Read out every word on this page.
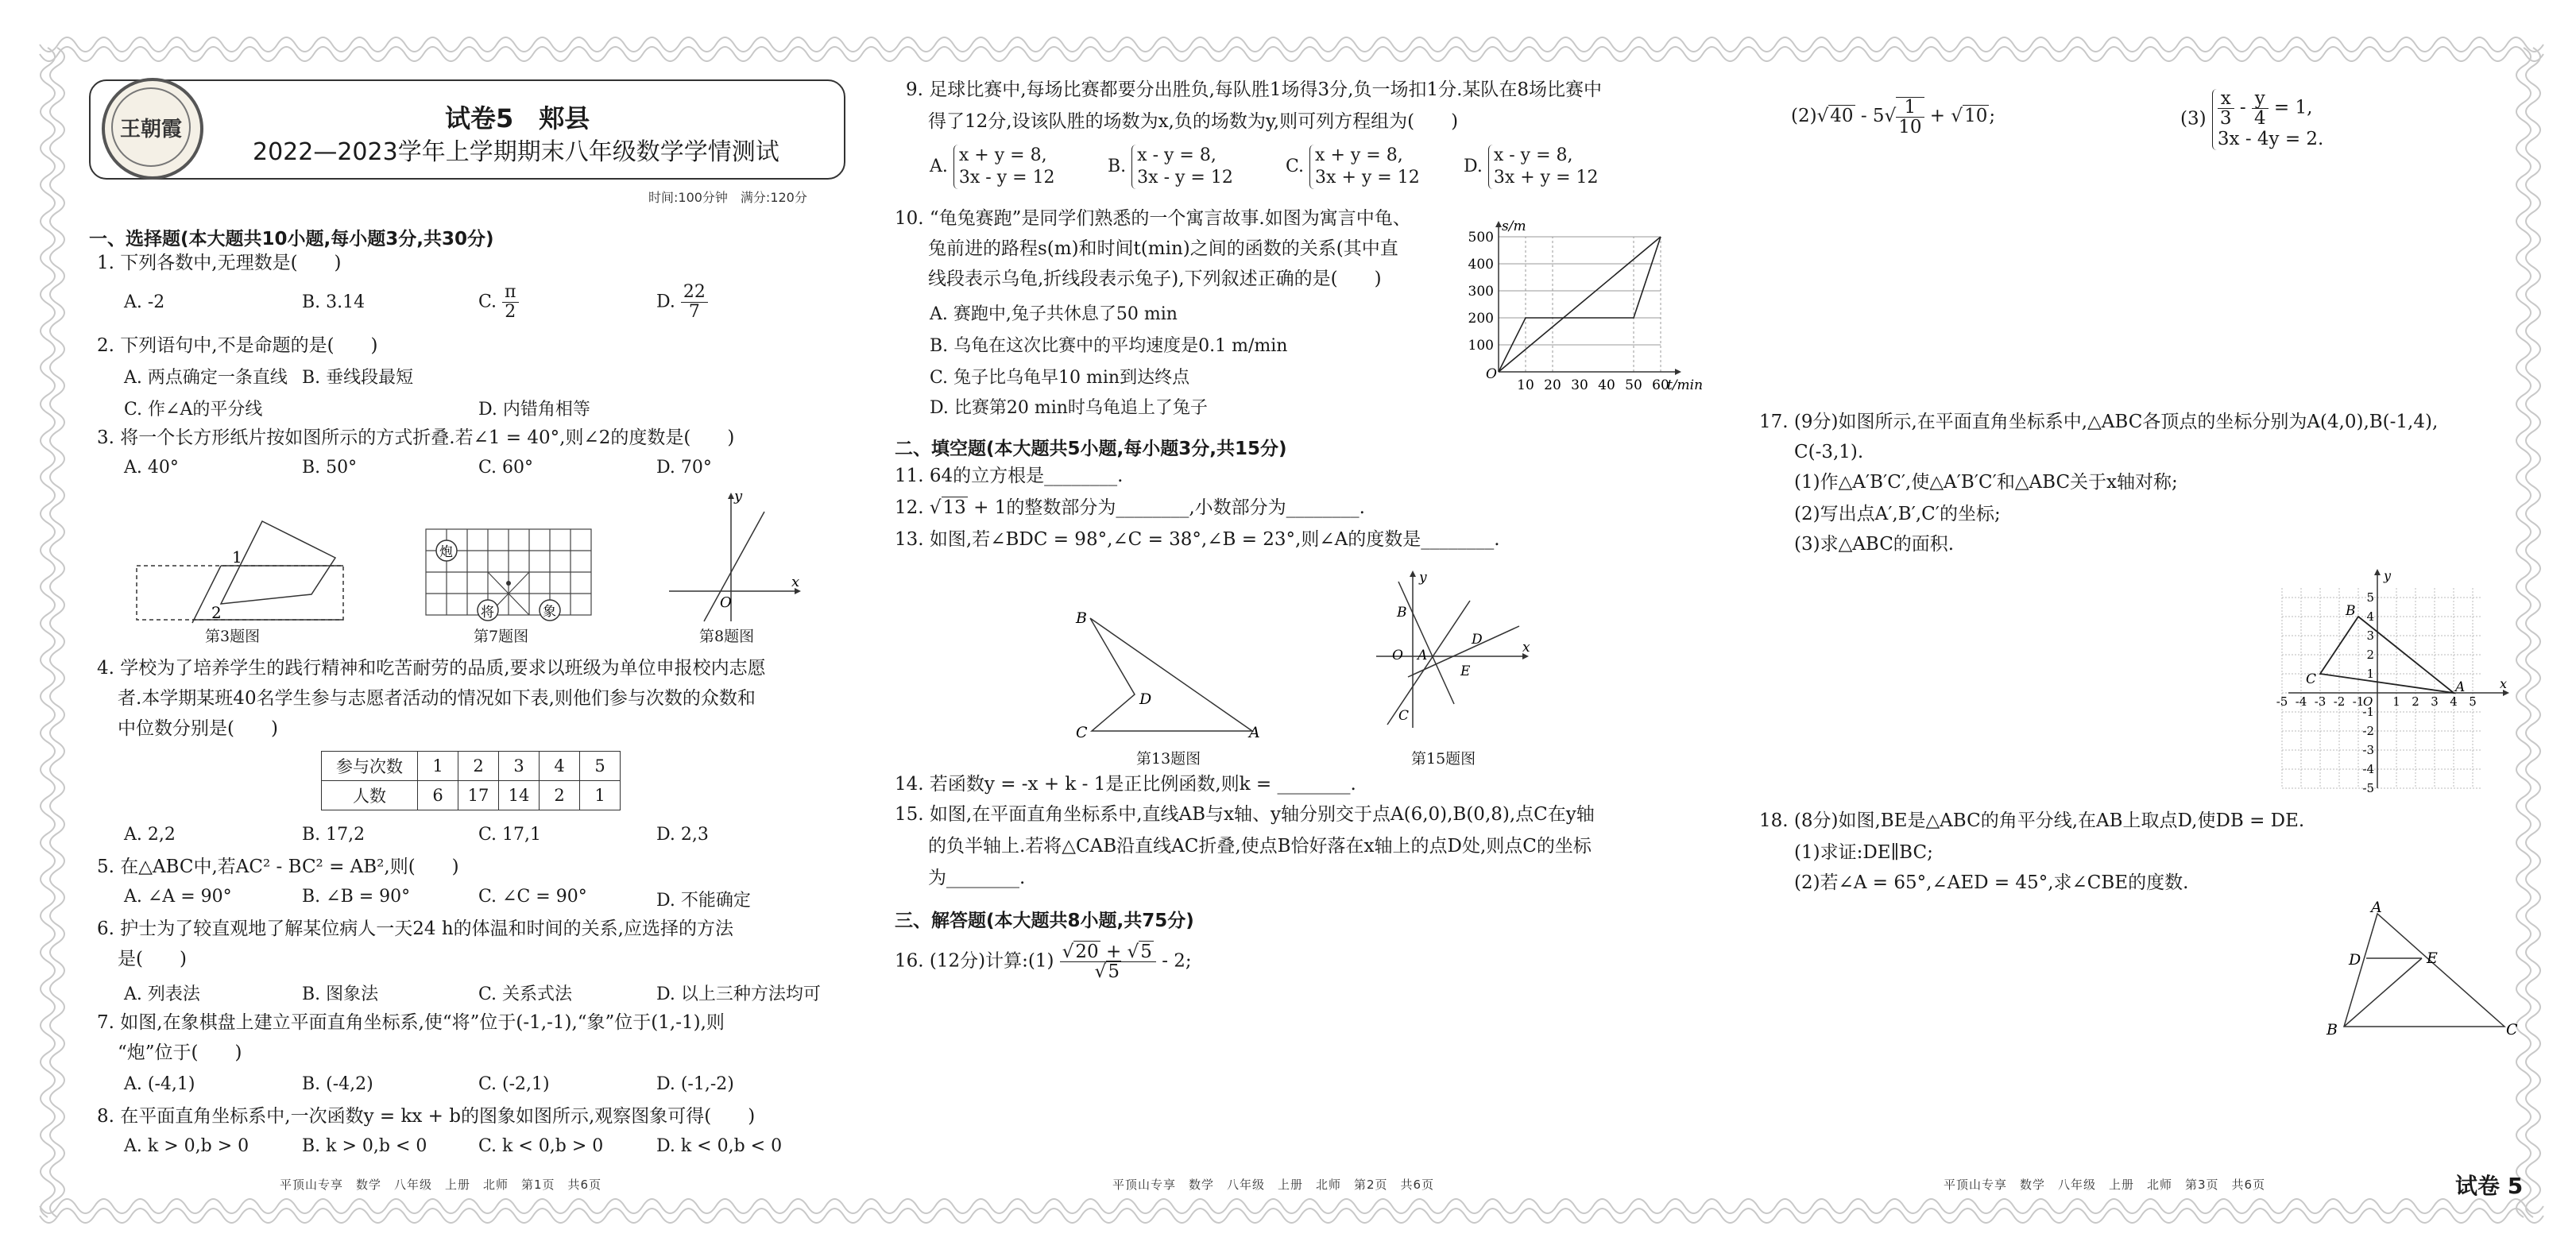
王朝霞	试卷5　郏县
2022—2023学年上学期期末八年级数学学情测试
时间:100分钟　满分:120分
一、选择题(本大题共10小题,每小题3分,共30分)
1. 下列各数中,无理数是(　　)
A. -2	B. 3.14	C. $\frac{\pi}{2}$	D. $\frac{22}{7}$
2. 下列语句中,不是命题的是(　　)
A. 两点确定一条直线 B. 垂线段最短
C. 作∠A的平分线	D. 内错角相等
3. 将一个长方形纸片按如图所示的方式折叠.若∠1 = 40°,则∠2的度数是(　　)
A. 40°	B. 50°	C. 60°	D. 70°
1
2
第3题图
炮
将	象
第7题图
y
x
O
第8题图
4. 学校为了培养学生的践行精神和吃苦耐劳的品质,要求以班级为单位申报校内志愿
者.本学期某班40名学生参与志愿者活动的情况如下表,则他们参与次数的众数和
中位数分别是(　　)
参与次数	1	2	3	4	5
人数	6	17	14	2	1
A. 2,2	B. 17,2	C. 17,1	D. 2,3
5. 在△ABC中,若AC² - BC² = AB²,则(　　)
A. ∠A = 90°	B. ∠B = 90°	C. ∠C = 90°	D. 不能确定
6. 护士为了较直观地了解某位病人一天24 h的体温和时间的关系,应选择的方法
是(　　)
A. 列表法	B. 图象法	C. 关系式法	D. 以上三种方法均可
7. 如图,在象棋盘上建立平面直角坐标系,使“将”位于(-1,-1),“象”位于(1,-1),则
“炮”位于(　　)
A. (-4,1)	B. (-4,2)	C. (-2,1)	D. (-1,-2)
8. 在平面直角坐标系中,一次函数y = kx + b的图象如图所示,观察图象可得(　　)
A. k > 0,b > 0	B. k > 0,b < 0	C. k < 0,b > 0	D. k < 0,b < 0
平顶山专享　数学　八年级　上册　北师　第1页　共6页
9. 足球比赛中,每场比赛都要分出胜负,每队胜1场得3分,负一场扣1分.某队在8场比赛中
得了12分,设该队胜的场数为x,负的场数为y,则可列方程组为(　　)
A.
x + y = 8,
3x - y = 12
B.
x - y = 8,
3x - y = 12
C.
x + y = 8,
3x + y = 12
D.
x - y = 8,
3x + y = 12
10. “龟兔赛跑”是同学们熟悉的一个寓言故事.如图为寓言中龟、
兔前进的路程s(m)和时间t(min)之间的函数的关系(其中直
线段表示乌龟,折线段表示兔子),下列叙述正确的是(　　)
A. 赛跑中,兔子共休息了50 min
B. 乌龟在这次比赛中的平均速度是0.1 m/min
C. 兔子比乌龟早10 min到达终点
D. 比赛第20 min时乌龟追上了兔子
s/m
t/min
O
500
400
300
200
100
10 20 30 40 50 60
二、填空题(本大题共5小题,每小题3分,共15分)
11. 64的立方根是________.
12. √13 + 1的整数部分为________,小数部分为________.
13. 如图,若∠BDC = 98°,∠C = 38°,∠B = 23°,则∠A的度数是________.
B
D
C	A
第13题图
y
x
B
O A
D
E
C
第15题图
14. 若函数y = -x + k - 1是正比例函数,则k = ________.
15. 如图,在平面直角坐标系中,直线AB与x轴、y轴分别交于点A(6,0),B(0,8),点C在y轴
的负半轴上.若将△CAB沿直线AC折叠,使点B恰好落在x轴上的点D处,则点C的坐标
为________.
三、解答题(本大题共8小题,共75分)
16. (12分)计算:(1) $\frac{√20 + √5}{√5} - 2$;
平顶山专享　数学　八年级　上册　北师　第2页　共6页
$(2)√40 - 5√ \frac{1}{10} + √10$;	$(3) \frac{x}{3} - \frac{y}{4} = 1$,
3x - 4y = 2.
17. (9分)如图所示,在平面直角坐标系中,△ABC各顶点的坐标分别为A(4,0),B(-1,4),
C(-3,1).
(1)作△A′B′C′,使△A′B′C′和△ABC关于x轴对称;
(2)写出点A′,B′,C′的坐标;
(3)求△ABC的面积.
y
x
O
-5 -4 -3 -2 -1 1 2 3 4 5
5
4
3
2
1
-1
-2
-3
-4
-5
B
C	A
18. (8分)如图,BE是△ABC的角平分线,在AB上取点D,使DB = DE.
(1)求证:DE∥BC;
(2)若∠A = 65°,∠AED = 45°,求∠CBE的度数.
A
D	E
B	C
平顶山专享　数学　八年级　上册　北师　第3页　共6页	试卷 5
